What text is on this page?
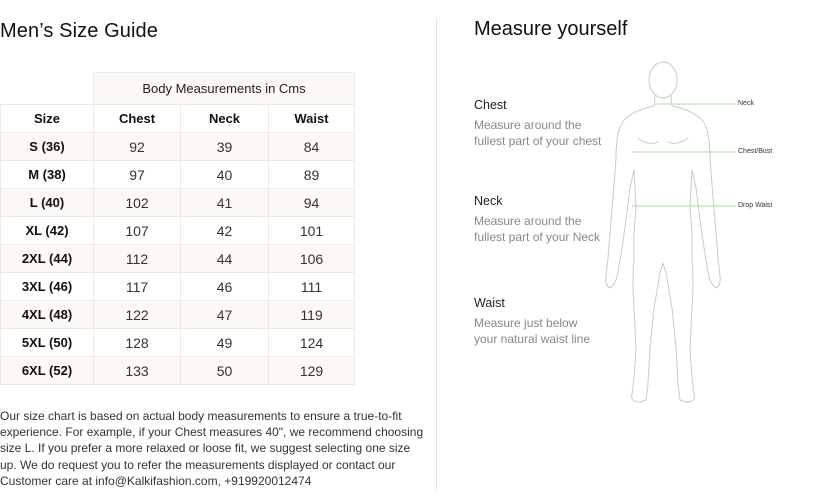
Men’s Size Guide	Measure yourself
	Body Measurements in Cms		
Size	Chest	Neck	Waist
S (36)	92	39	84
M (38)	97	40	89
L (40)	102	41	94
XL (42)	107	42	101
2XL (44)	112	44	106
3XL (46)	117	46	111
4XL (48)	122	47	119
5XL (50)	128	49	124
6XL (52)	133	50	129
Our size chart is based on actual body measurements to ensure a true-to-fit experience. For example, if your Chest measures 40", we recommend choosing size L. If you prefer a more relaxed or loose fit, we suggest selecting one size up. We do request you to refer the measurements displayed or contact our Customer care at info@Kalkifashion.com, +919920012474
Chest
Measure around the fullest part of your chest
Neck
Measure around the fullest part of your Neck
Waist
Measure just below your natural waist line
Neck
Chest/Bust
Drop Waist
